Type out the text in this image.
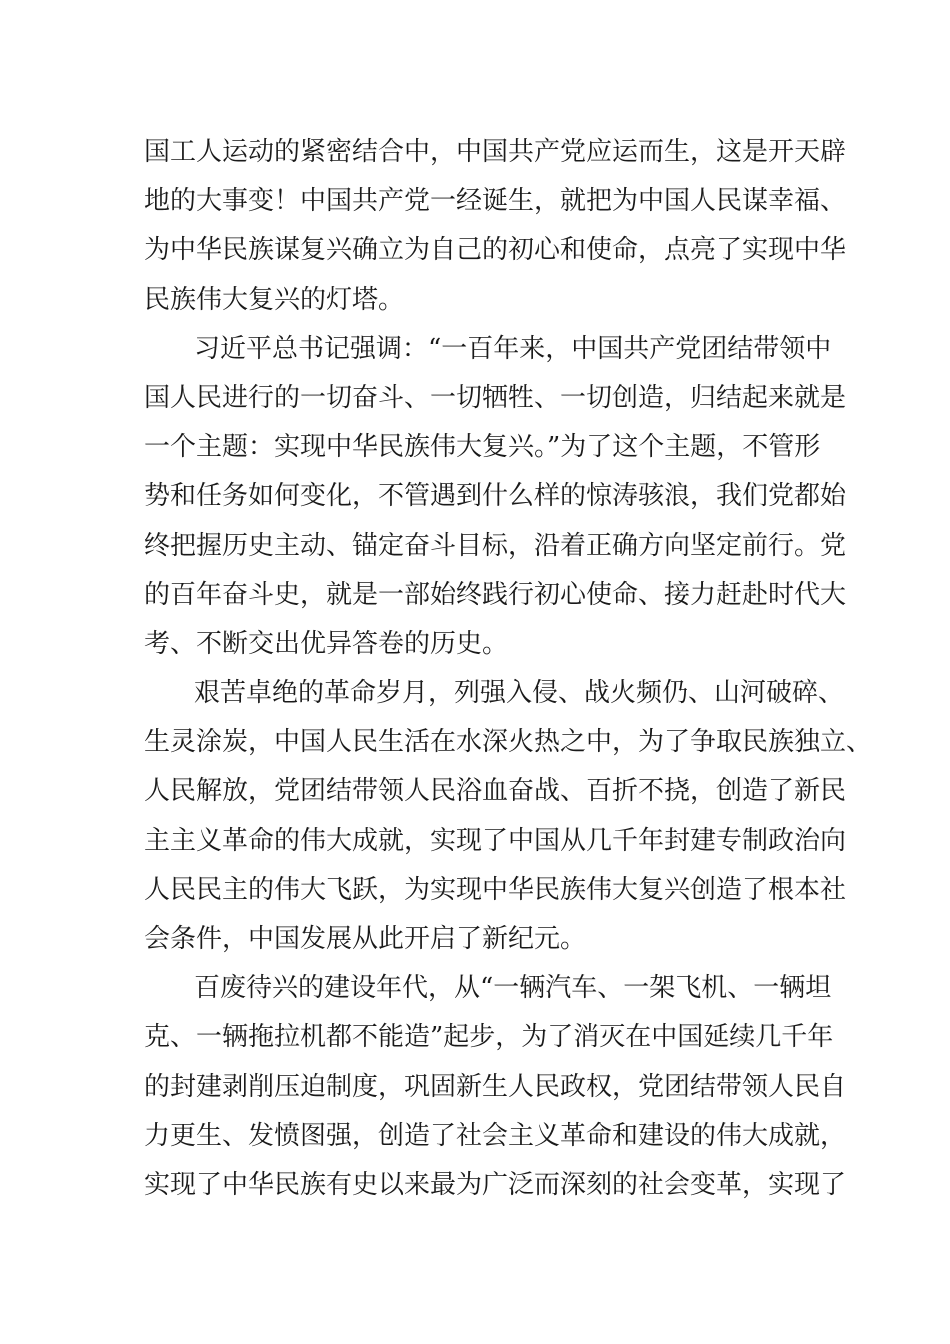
国工人运动的紧密结合中，中国共产党应运而生，这是开天辟
地的大事变！中国共产党一经诞生，就把为中国人民谋幸福、
为中华民族谋复兴确立为自己的初心和使命，点亮了实现中华
民族伟大复兴的灯塔。
习近平总书记强调：“一百年来，中国共产党团结带领中
国人民进行的一切奋斗、一切牺牲、一切创造，归结起来就是
一个主题：实现中华民族伟大复兴。”为了这个主题，不管形
势和任务如何变化，不管遇到什么样的惊涛骇浪，我们党都始
终把握历史主动、锚定奋斗目标，沿着正确方向坚定前行。党
的百年奋斗史，就是一部始终践行初心使命、接力赶赴时代大
考、不断交出优异答卷的历史。
艰苦卓绝的革命岁月，列强入侵、战火频仍、山河破碎、
生灵涂炭，中国人民生活在水深火热之中，为了争取民族独立、
人民解放，党团结带领人民浴血奋战、百折不挠，创造了新民
主主义革命的伟大成就，实现了中国从几千年封建专制政治向
人民民主的伟大飞跃，为实现中华民族伟大复兴创造了根本社
会条件，中国发展从此开启了新纪元。
百废待兴的建设年代，从“一辆汽车、一架飞机、一辆坦
克、一辆拖拉机都不能造”起步，为了消灭在中国延续几千年
的封建剥削压迫制度，巩固新生人民政权，党团结带领人民自
力更生、发愤图强，创造了社会主义革命和建设的伟大成就，
实现了中华民族有史以来最为广泛而深刻的社会变革，实现了
